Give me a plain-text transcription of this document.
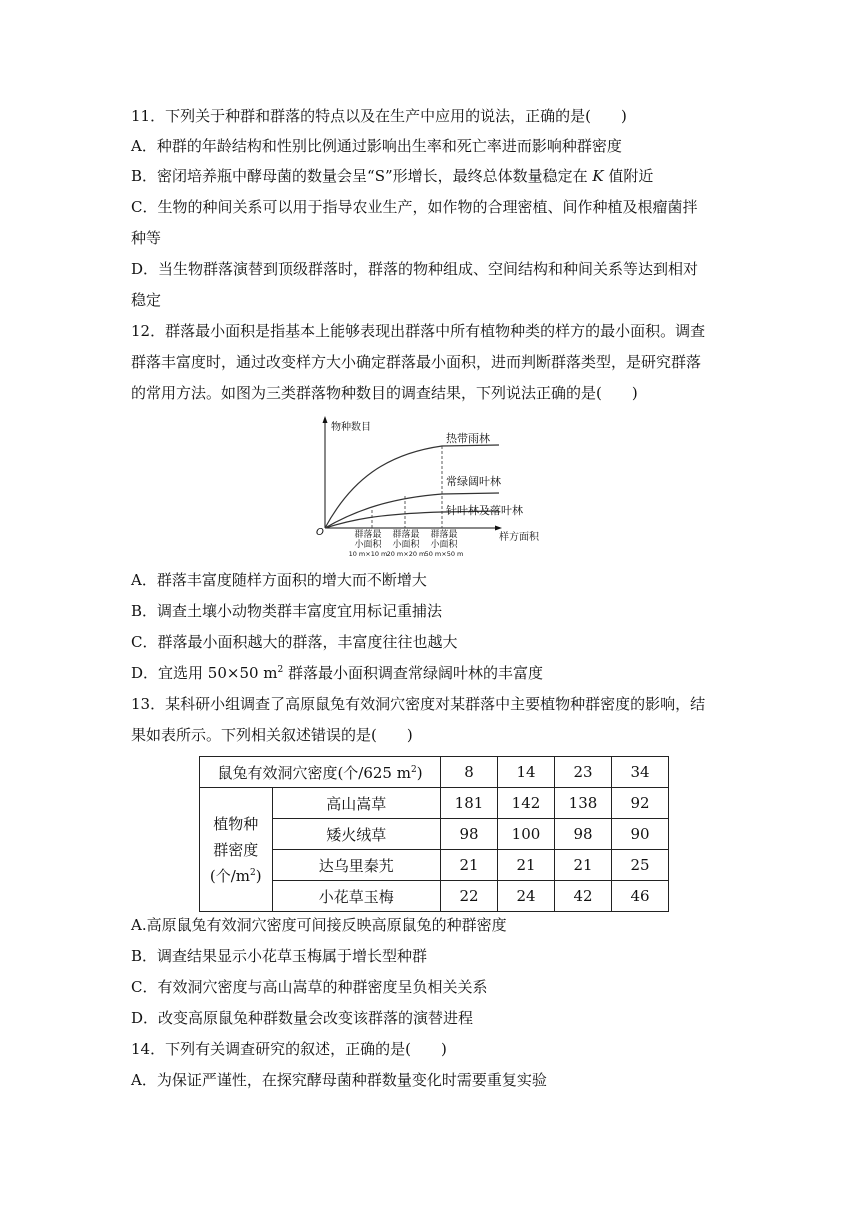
11．下列关于种群和群落的特点以及在生产中应用的说法，正确的是(　　)
A．种群的年龄结构和性别比例通过影响出生率和死亡率进而影响种群密度
B．密闭培养瓶中酵母菌的数量会呈“S”形增长，最终总体数量稳定在 K 值附近
C．生物的种间关系可以用于指导农业生产，如作物的合理密植、间作种植及根瘤菌拌
种等
D．当生物群落演替到顶级群落时，群落的物种组成、空间结构和种间关系等达到相对
稳定
12．群落最小面积是指基本上能够表现出群落中所有植物种类的样方的最小面积。调查
群落丰富度时，通过改变样方大小确定群落最小面积，进而判断群落类型，是研究群落
的常用方法。如图为三类群落物种数目的调查结果，下列说法正确的是(　　)
物种数目
样方面积
O
热带雨林
常绿阔叶林
针叶林及落叶林
群落最
小面积
10 m×10 m
群落最
小面积
20 m×20 m
群落最
小面积
50 m×50 m
A．群落丰富度随样方面积的增大而不断增大
B．调查土壤小动物类群丰富度宜用标记重捕法
C．群落最小面积越大的群落，丰富度往往也越大
D．宜选用 50×50 $m^2$ 群落最小面积调查常绿阔叶林的丰富度
13．某科研小组调查了高原鼠兔有效洞穴密度对某群落中主要植物种群密度的影响，结
果如表所示。下列相关叙述错误的是(　　)
鼠兔有效洞穴密度(个/625 $m^2$)		8	14	23	34

植物种
群密度
(个$/m^2$)	高山嵩草	181	142	138	92
	矮火绒草	98	100	98	90
	达乌里秦艽	21	21	21	25
	小花草玉梅	22	24	42	46
A.高原鼠兔有效洞穴密度可间接反映高原鼠兔的种群密度
B．调查结果显示小花草玉梅属于增长型种群
C．有效洞穴密度与高山嵩草的种群密度呈负相关关系
D．改变高原鼠兔种群数量会改变该群落的演替进程
14．下列有关调查研究的叙述，正确的是(　　)
A．为保证严谨性，在探究酵母菌种群数量变化时需要重复实验
